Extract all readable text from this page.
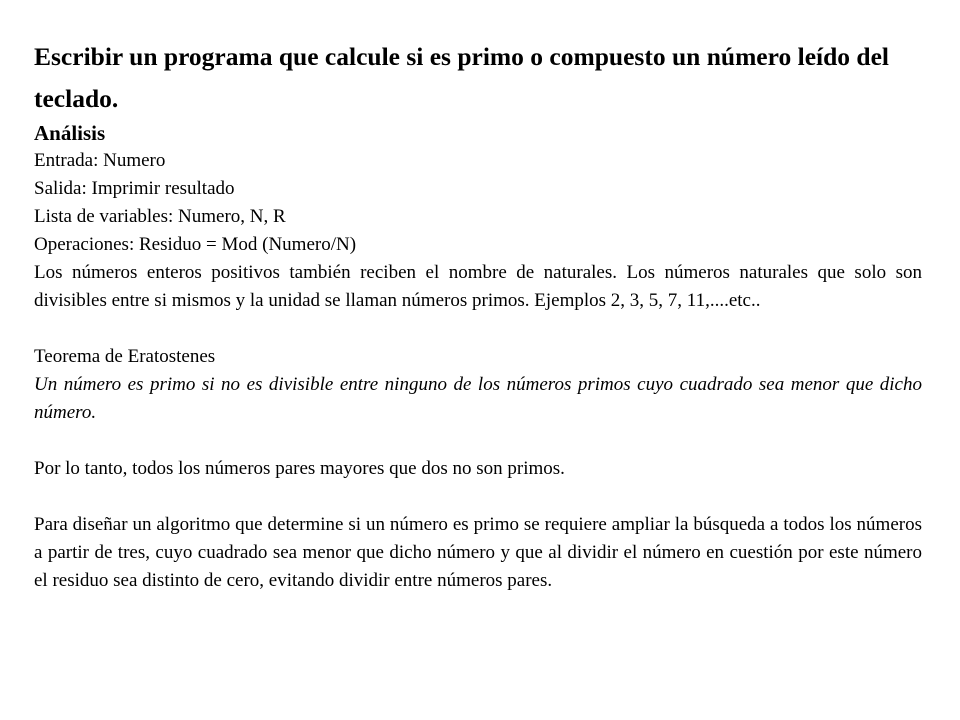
Escribir un programa que calcule si es primo o compuesto un número leído del teclado.

Análisis

Entrada: Numero

Salida: Imprimir resultado

Lista de variables: Numero, N, R

Operaciones: Residuo = Mod (Numero/N)

Los números enteros positivos también reciben el nombre de naturales. Los números naturales que solo son divisibles entre si mismos y la unidad se llaman números primos. Ejemplos 2, 3, 5, 7, 11,....etc..

Teorema de Eratostenes

Un número es primo si no es divisible entre ninguno de los números primos cuyo cuadrado sea menor que dicho número.

Por lo tanto, todos los números pares mayores que dos no son primos.

Para diseñar un algoritmo que determine si un número es primo se requiere ampliar la búsqueda a todos los números a partir de tres, cuyo cuadrado sea menor que dicho número y que al dividir el número en cuestión por este número el residuo sea distinto de cero, evitando dividir entre números pares.
